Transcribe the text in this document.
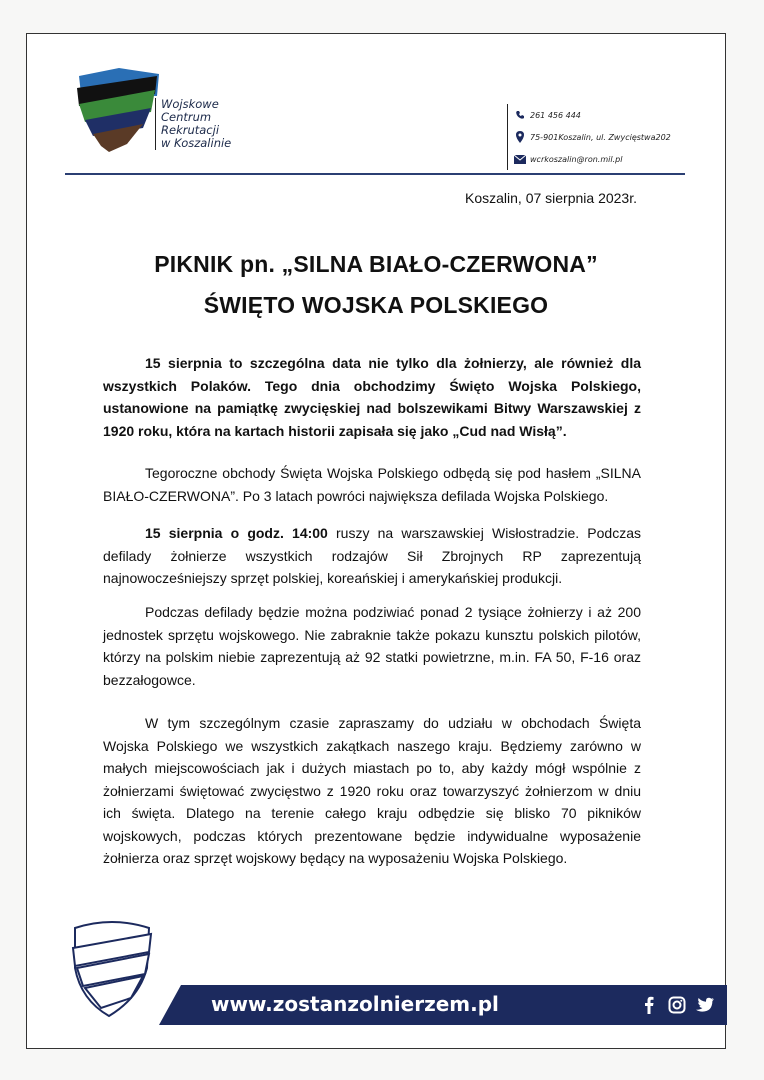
Wojskowe
Centrum
Rekrutacji
w Koszalinie
261 456 444
75-901Koszalin, ul. Zwycięstwa202
wcrkoszalin@ron.mil.pl
Koszalin, 07 sierpnia 2023r.
PIKNIK pn. „SILNA BIAŁO-CZERWONA”
ŚWIĘTO WOJSKA POLSKIEGO
15 sierpnia to szczególna data nie tylko dla żołnierzy, ale również dla wszystkich Polaków. Tego dnia obchodzimy Święto Wojska Polskiego, ustanowione na pamiątkę zwycięskiej nad bolszewikami Bitwy Warszawskiej z 1920 roku, która na kartach historii zapisała się jako „Cud nad Wisłą”.
Tegoroczne obchody Święta Wojska Polskiego odbędą się pod hasłem „SILNA BIAŁO-CZERWONA”. Po 3 latach powróci największa defilada Wojska Polskiego.
15 sierpnia o godz. 14:00 ruszy na warszawskiej Wisłostradzie. Podczas defilady żołnierze wszystkich rodzajów Sił Zbrojnych RP zaprezentują najnowocześniejszy sprzęt polskiej, koreańskiej i amerykańskiej produkcji.
Podczas defilady będzie można podziwiać ponad 2 tysiące żołnierzy i aż 200 jednostek sprzętu wojskowego. Nie zabraknie także pokazu kunsztu polskich pilotów, którzy na polskim niebie zaprezentują aż 92 statki powietrzne, m.in. FA 50, F-16 oraz bezzałogowce.
W tym szczególnym czasie zapraszamy do udziału w obchodach Święta Wojska Polskiego we wszystkich zakątkach naszego kraju. Będziemy zarówno w małych miejscowościach jak i dużych miastach po to, aby każdy mógł wspólnie z żołnierzami świętować zwycięstwo z 1920 roku oraz towarzyszyć żołnierzom w dniu ich święta. Dlatego na terenie całego kraju odbędzie się blisko 70 pikników wojskowych, podczas których prezentowane będzie indywidualne wyposażenie żołnierza oraz sprzęt wojskowy będący na wyposażeniu Wojska Polskiego.
www.zostanzolnierzem.pl
